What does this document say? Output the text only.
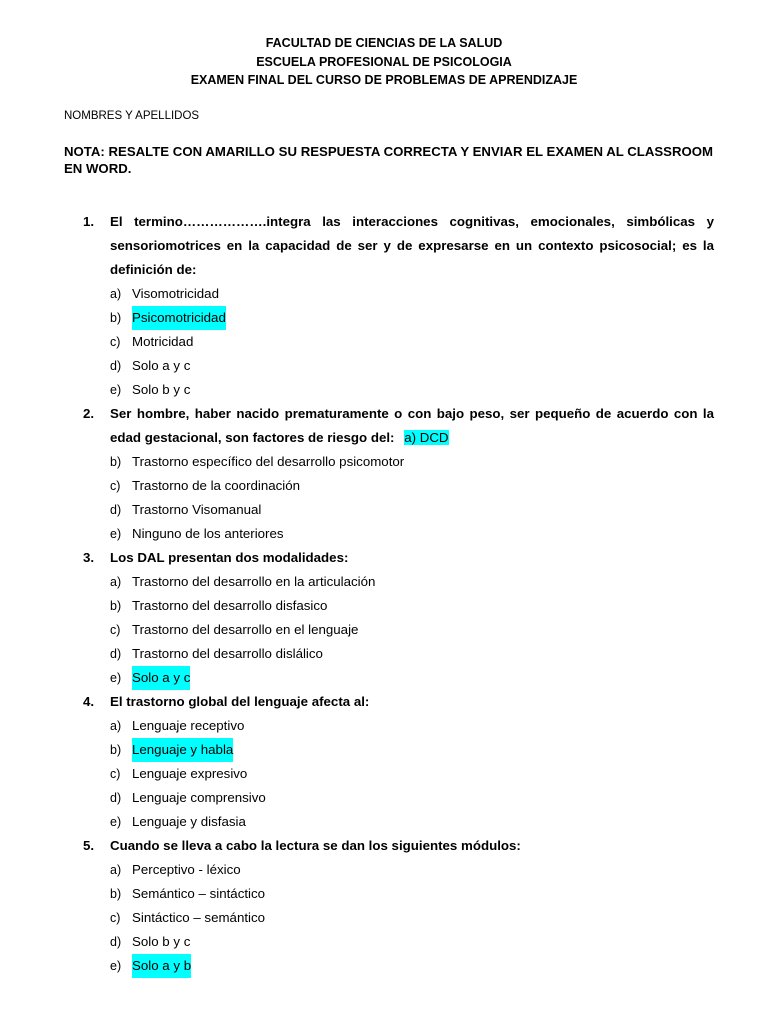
FACULTAD DE CIENCIAS DE LA SALUD
ESCUELA PROFESIONAL DE PSICOLOGIA
EXAMEN FINAL DEL CURSO DE PROBLEMAS DE APRENDIZAJE
NOMBRES Y APELLIDOS
NOTA: RESALTE CON AMARILLO SU RESPUESTA CORRECTA Y ENVIAR EL EXAMEN AL CLASSROOM EN WORD.
1.	El termino……………….integra las interacciones cognitivas, emocionales, simbólicas y sensoriomotrices en la capacidad de ser y de expresarse en un contexto psicosocial; es la definición de:
a) Visomotricidad
b) Psicomotricidad
c) Motricidad
d) Solo a y c
e) Solo b y c
2.	Ser hombre, haber nacido prematuramente o con bajo peso, ser pequeño de acuerdo con la edad gestacional, son factores de riesgo del: a) DCD
b) Trastorno específico del desarrollo psicomotor
c) Trastorno de la coordinación
d) Trastorno Visomanual
e) Ninguno de los anteriores
3.	Los DAL presentan dos modalidades:
a) Trastorno del desarrollo en la articulación
b) Trastorno del desarrollo disfasico
c) Trastorno del desarrollo en el lenguaje
d) Trastorno del desarrollo dislálico
e) Solo a y c
4.	El trastorno global del lenguaje afecta al:
a) Lenguaje receptivo
b) Lenguaje y habla
c) Lenguaje expresivo
d) Lenguaje comprensivo
e) Lenguaje y disfasia
5.	Cuando se lleva a cabo la lectura se dan los siguientes módulos:
a) Perceptivo - léxico
b) Semántico – sintáctico
c) Sintáctico – semántico
d) Solo b y c
e) Solo a y b
